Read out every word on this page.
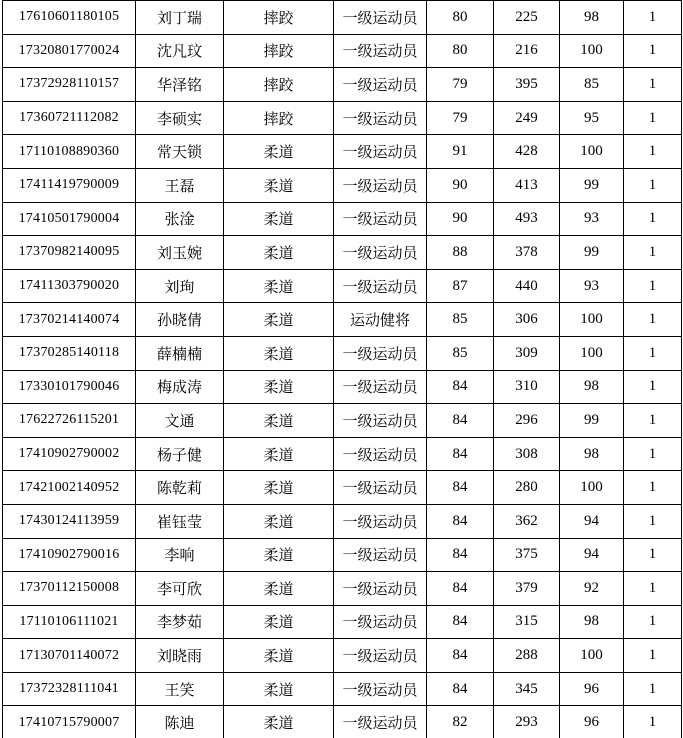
17610601180105	刘丁瑞	摔跤	一级运动员	80	225	98	1
17320801770024	沈凡玟	摔跤	一级运动员	80	216	100	1
17372928110157	华泽铭	摔跤	一级运动员	79	395	85	1
17360721112082	李硕实	摔跤	一级运动员	79	249	95	1
17110108890360	常天锁	柔道	一级运动员	91	428	100	1
17411419790009	王磊	柔道	一级运动员	90	413	99	1
17410501790004	张淦	柔道	一级运动员	90	493	93	1
17370982140095	刘玉婉	柔道	一级运动员	88	378	99	1
17411303790020	刘珣	柔道	一级运动员	87	440	93	1
17370214140074	孙晓倩	柔道	运动健将	85	306	100	1
17370285140118	薛楠楠	柔道	一级运动员	85	309	100	1
17330101790046	梅成涛	柔道	一级运动员	84	310	98	1
17622726115201	文通	柔道	一级运动员	84	296	99	1
17410902790002	杨子健	柔道	一级运动员	84	308	98	1
17421002140952	陈乾莉	柔道	一级运动员	84	280	100	1
17430124113959	崔钰莹	柔道	一级运动员	84	362	94	1
17410902790016	李响	柔道	一级运动员	84	375	94	1
17370112150008	李可欣	柔道	一级运动员	84	379	92	1
17110106111021	李梦茹	柔道	一级运动员	84	315	98	1
17130701140072	刘晓雨	柔道	一级运动员	84	288	100	1
17372328111041	王笑	柔道	一级运动员	84	345	96	1
17410715790007	陈迪	柔道	一级运动员	82	293	96	1
